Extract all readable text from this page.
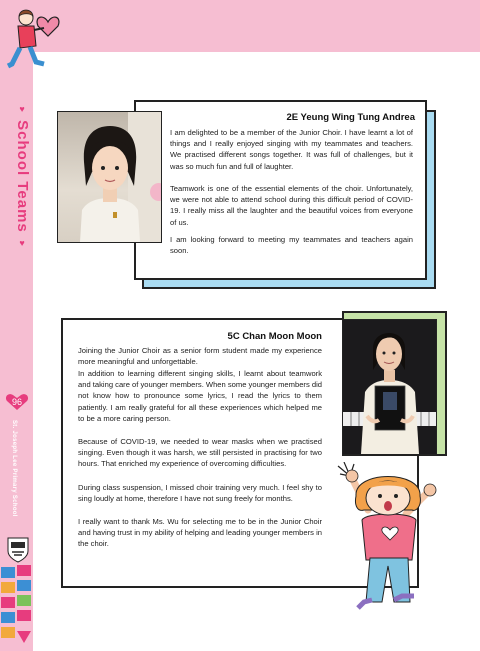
♥ School Teams ♥
96
St. Joseph Lee Primary School
2E Yeung Wing Tung Andrea

I am delighted to be a member of the Junior Choir. I have learnt a lot of things and I really enjoyed singing with my teammates and teachers. We practised different songs together. It was full of challenges, but it was so much fun and full of laughter.

Teamwork is one of the essential elements of the choir. Unfortunately, we were not able to attend school during this difficult period of COVID-19. I really miss all the laughter and the beautiful voices from everyone of us.

I am looking forward to meeting my teammates and teachers again soon.

5C Chan Moon Moon

Joining the Junior Choir as a senior form student made my experience more meaningful and unforgettable.

In addition to learning different singing skills, I learnt about teamwork and taking care of younger members. When some younger members did not know how to pronounce some lyrics, I read the lyrics to them patiently. I am really grateful for all these experiences which helped me to be a more caring person.

Because of COVID-19, we needed to wear masks when we practised singing. Even though it was harsh, we still persisted in practising for two hours. That enriched my experience of overcoming difficulties.

During class suspension, I missed choir training very much. I feel shy to sing loudly at home, therefore I have not sung freely for months.

I really want to thank Ms. Wu for selecting me to be in the Junior Choir and having trust in my ability of helping and leading younger members in the choir.
